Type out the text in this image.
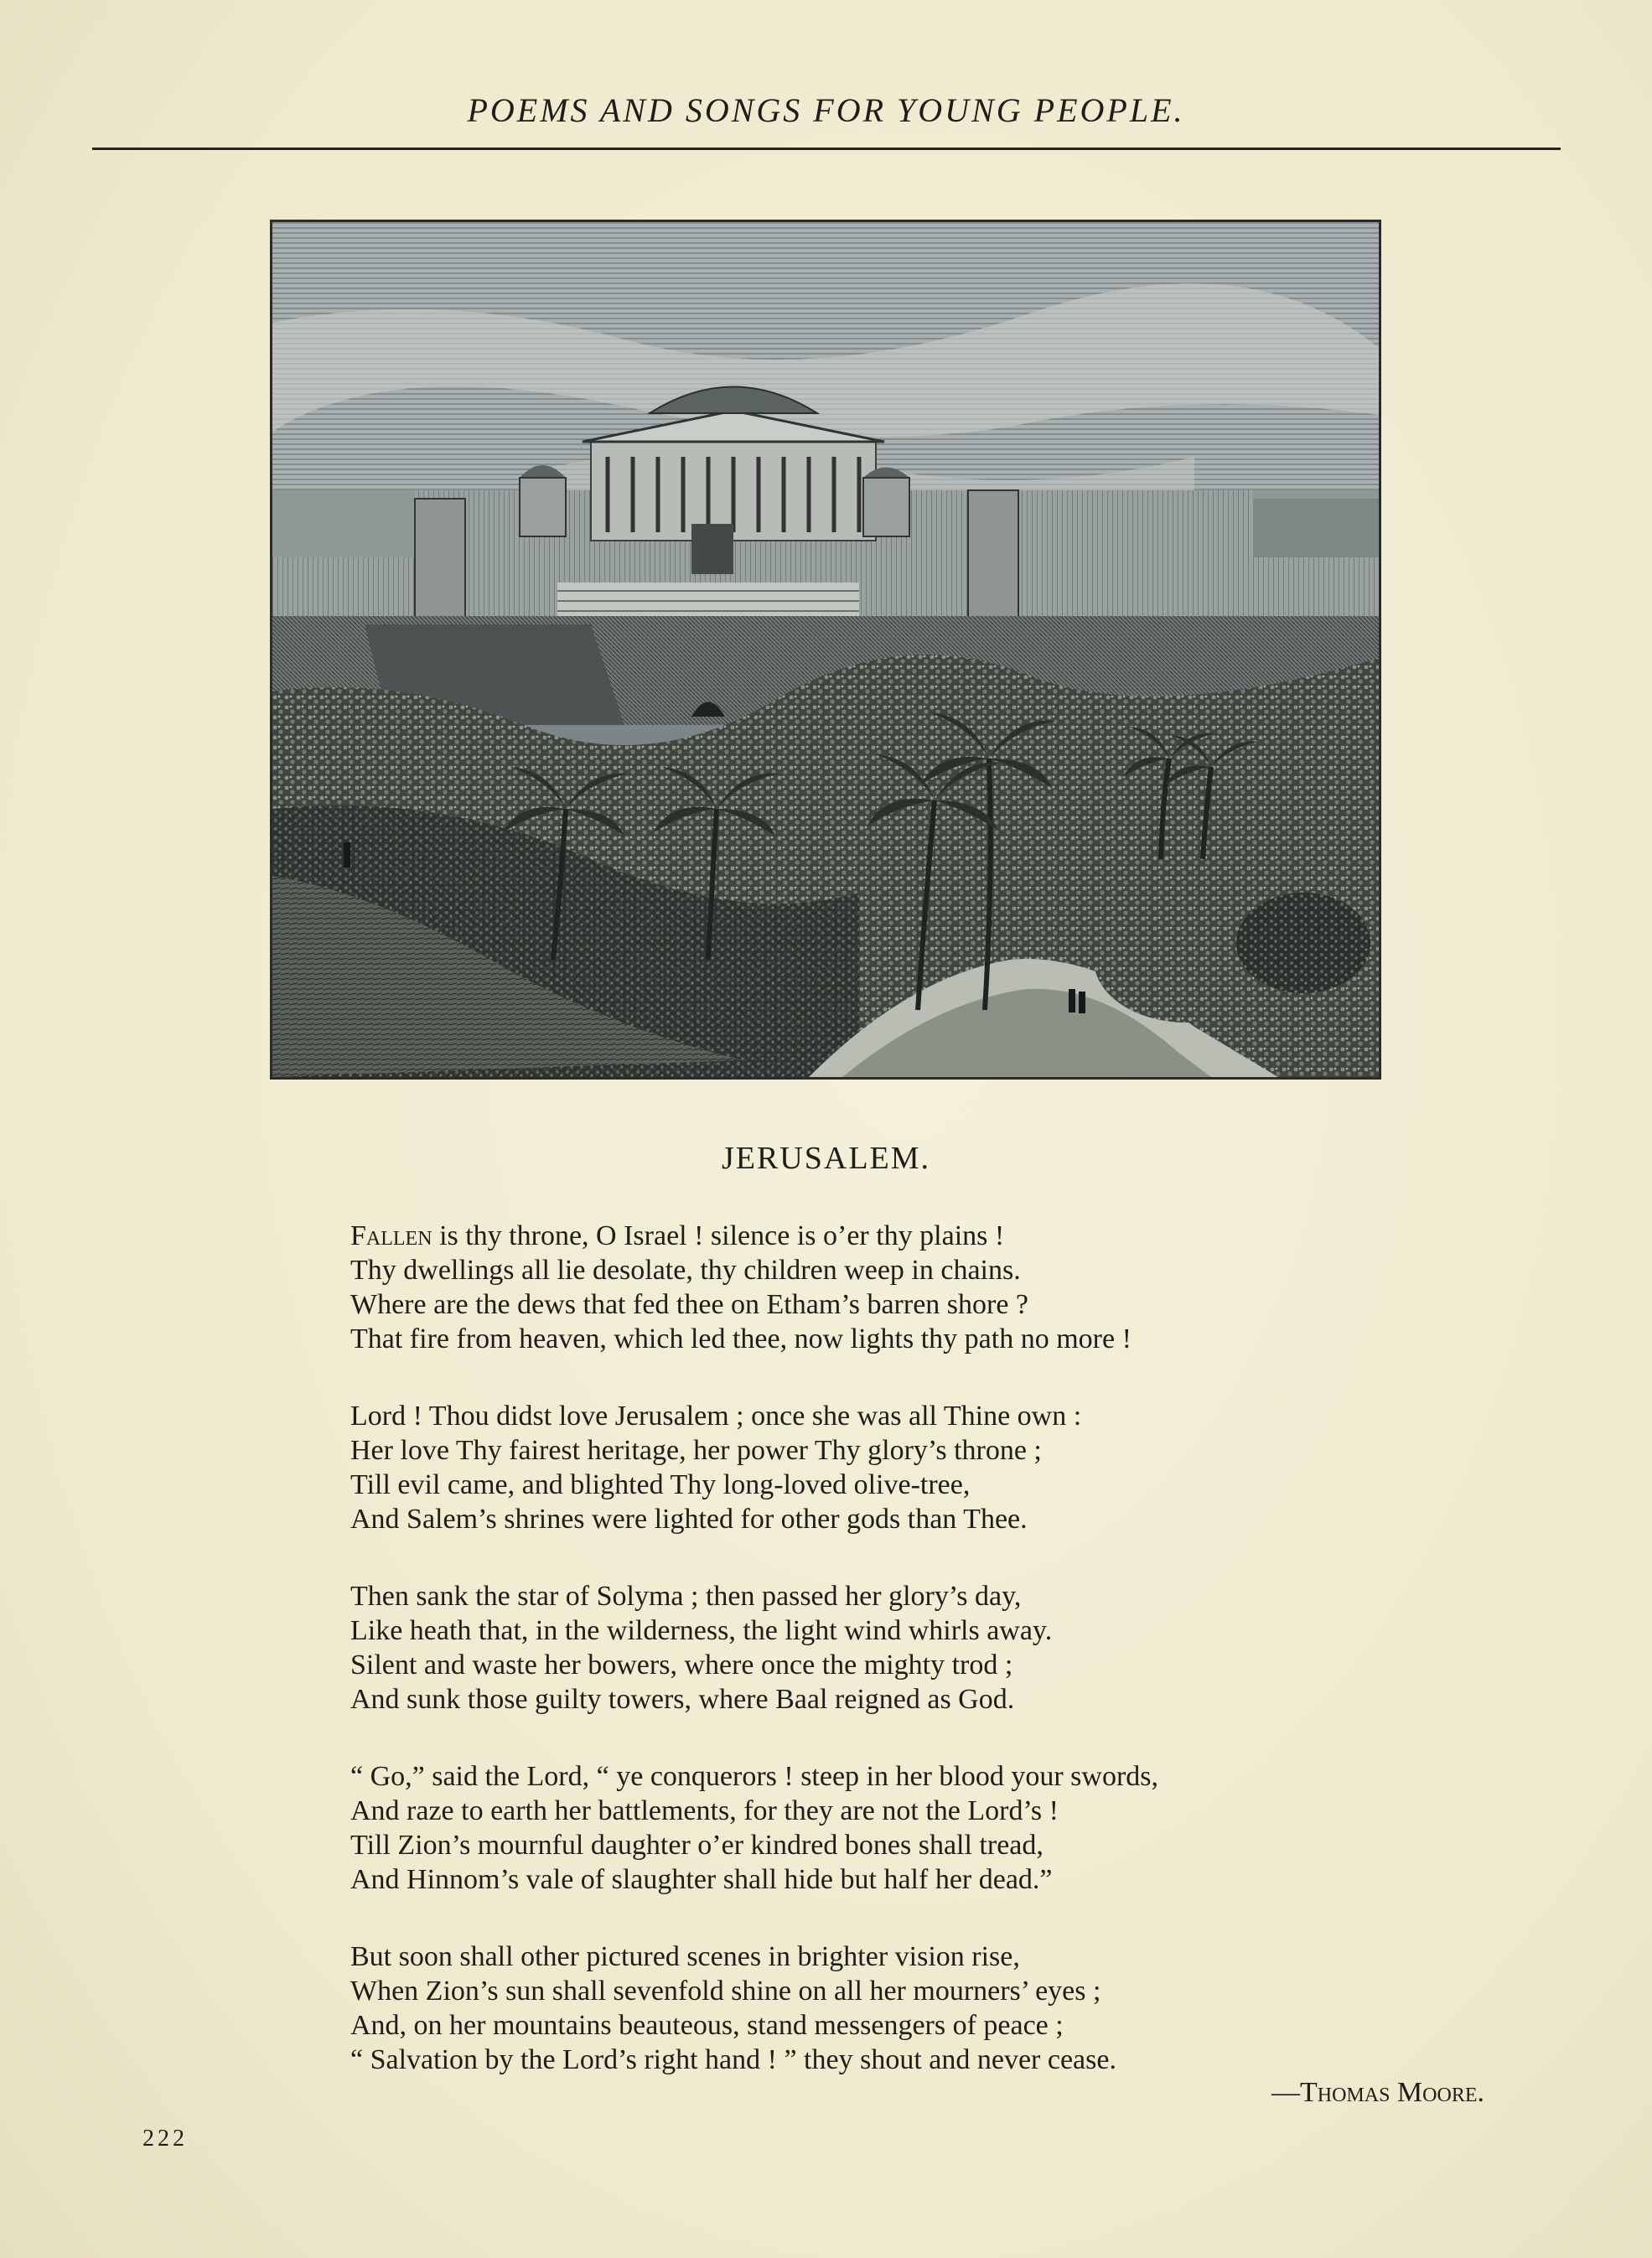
POEMS AND SONGS FOR YOUNG PEOPLE.
JERUSALEM.
Fallen is thy throne, O Israel ! silence is o’er thy plains !
Thy dwellings all lie desolate, thy children weep in chains.
Where are the dews that fed thee on Etham’s barren shore ?
That fire from heaven, which led thee, now lights thy path no more !
Lord ! Thou didst love Jerusalem ; once she was all Thine own :
Her love Thy fairest heritage, her power Thy glory’s throne ;
Till evil came, and blighted Thy long-loved olive-tree,
And Salem’s shrines were lighted for other gods than Thee.
Then sank the star of Solyma ; then passed her glory’s day,
Like heath that, in the wilderness, the light wind whirls away.
Silent and waste her bowers, where once the mighty trod ;
And sunk those guilty towers, where Baal reigned as God.
“ Go,” said the Lord, “ ye conquerors ! steep in her blood your swords,
And raze to earth her battlements, for they are not the Lord’s !
Till Zion’s mournful daughter o’er kindred bones shall tread,
And Hinnom’s vale of slaughter shall hide but half her dead.”
But soon shall other pictured scenes in brighter vision rise,
When Zion’s sun shall sevenfold shine on all her mourners’ eyes ;
And, on her mountains beauteous, stand messengers of peace ;
“ Salvation by the Lord’s right hand ! ” they shout and never cease.
—Thomas Moore.
222
